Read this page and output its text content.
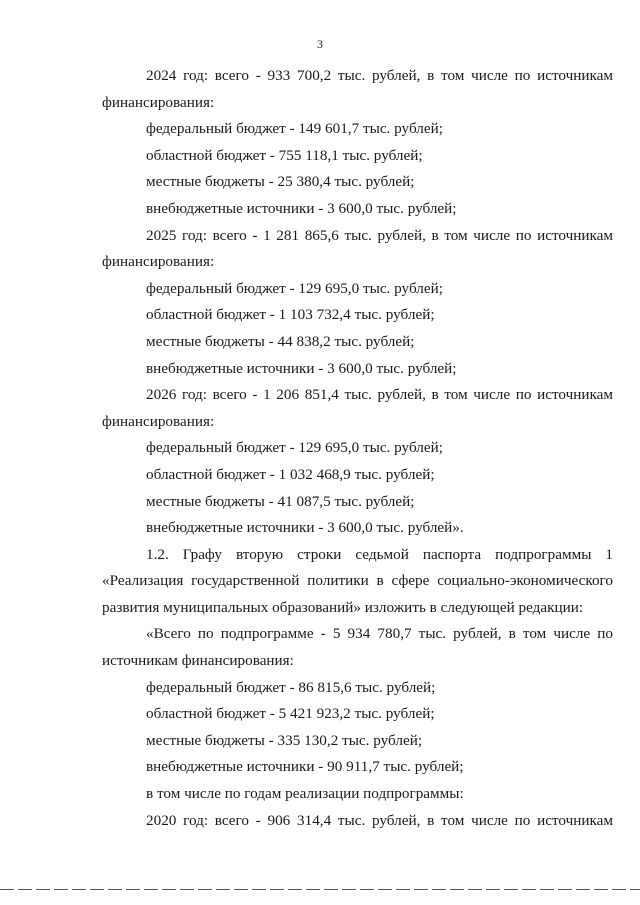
3

2024 год: всего - 933 700,2 тыс. рублей, в том числе по источникам

финансирования:

федеральный бюджет - 149 601,7 тыс. рублей;

областной бюджет - 755 118,1 тыс. рублей;

местные бюджеты - 25 380,4 тыс. рублей;

внебюджетные источники - 3 600,0 тыс. рублей;

2025 год: всего - 1 281 865,6 тыс. рублей, в том числе по источникам

финансирования:

федеральный бюджет - 129 695,0 тыс. рублей;

областной бюджет - 1 103 732,4 тыс. рублей;

местные бюджеты - 44 838,2 тыс. рублей;

внебюджетные источники - 3 600,0 тыс. рублей;

2026 год: всего - 1 206 851,4 тыс. рублей, в том числе по источникам

финансирования:

федеральный бюджет - 129 695,0 тыс. рублей;

областной бюджет - 1 032 468,9 тыс. рублей;

местные бюджеты - 41 087,5 тыс. рублей;

внебюджетные источники - 3 600,0 тыс. рублей».

1.2. Графу вторую строки седьмой паспорта подпрограммы 1

«Реализация государственной политики в сфере социально-экономического

развития муниципальных образований» изложить в следующей редакции:

«Всего по подпрограмме - 5 934 780,7 тыс. рублей, в том числе по

источникам финансирования:

федеральный бюджет - 86 815,6 тыс. рублей;

областной бюджет - 5 421 923,2 тыс. рублей;

местные бюджеты - 335 130,2 тыс. рублей;

внебюджетные источники - 90 911,7 тыс. рублей;

в том числе по годам реализации подпрограммы:

2020 год: всего - 906 314,4 тыс. рублей, в том числе по источникам
